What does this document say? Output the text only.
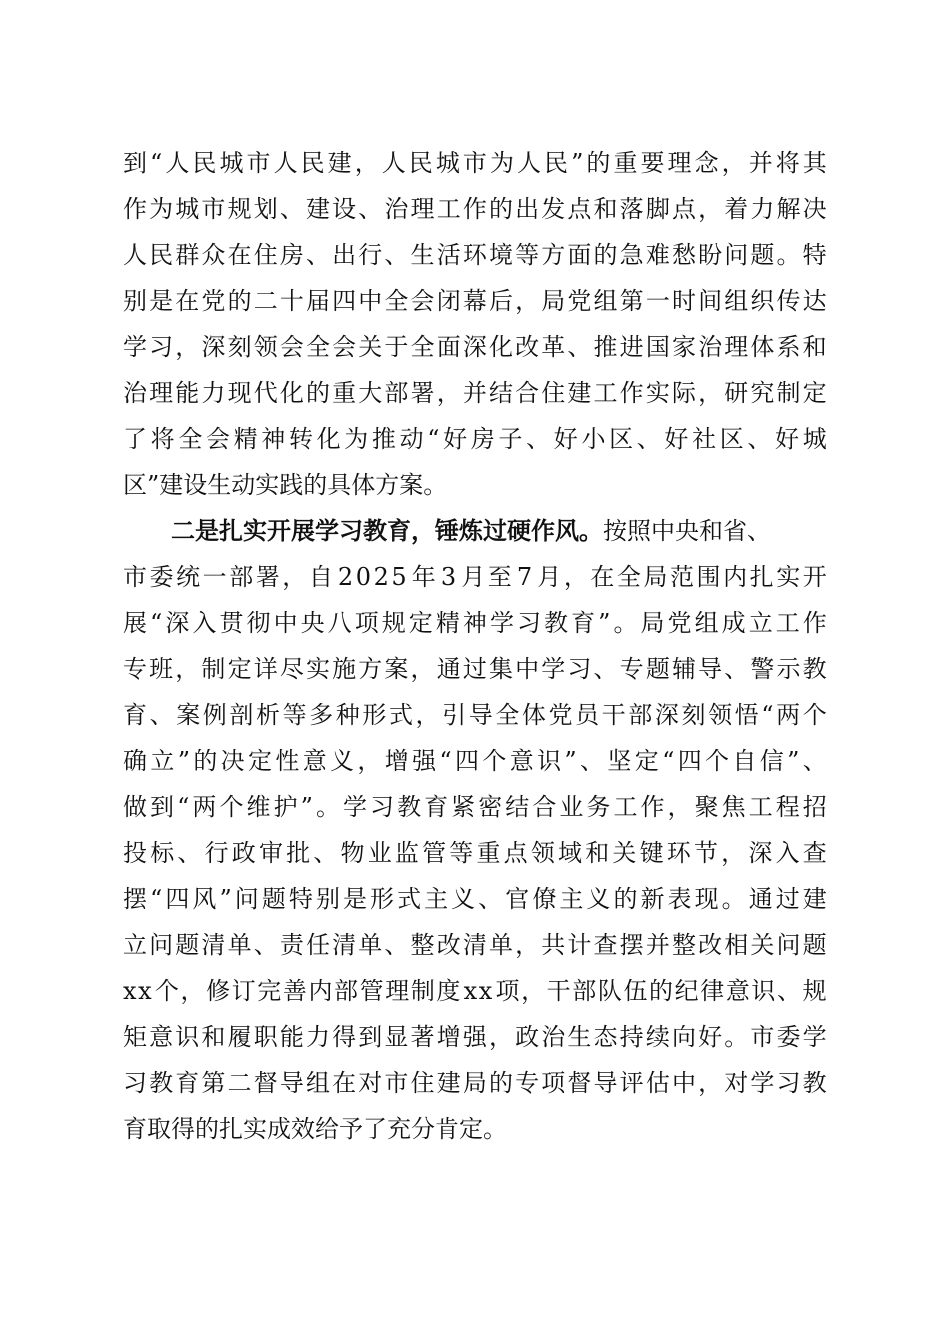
到 “ 人 民 城 市 人 民 建 ， 人 民 城 市 为 人 民 ” 的 重 要 理 念 ， 并 将 其
作 为 城 市 规 划 、 建 设 、 治 理 工 作 的 出 发 点 和 落 脚 点 ， 着 力 解 决
人 民 群 众 在 住 房 、 出 行 、 生 活 环 境 等 方 面 的 急 难 愁 盼 问 题 。 特
别 是 在 党 的 二 十 届 四 中 全 会 闭 幕 后 ， 局 党 组 第 一 时 间 组 织 传 达
学 习 ， 深 刻 领 会 全 会 关 于 全 面 深 化 改 革 、 推 进 国 家 治 理 体 系 和
治 理 能 力 现 代 化 的 重 大 部 署 ， 并 结 合 住 建 工 作 实 际 ， 研 究 制 定
了 将 全 会 精 神 转 化 为 推 动 “ 好 房 子 、 好 小 区 、 好 社 区 、 好 城
区”建设生动实践的具体方案。
二是扎实开展学习教育，锤炼过硬作风。 按照中央和省、
市 委 统 一 部 署 ， 自 2 0 2 5 年 3 月 至 7 月 ， 在 全 局 范 围 内 扎 实 开
展 “ 深 入 贯 彻 中 央 八 项 规 定 精 神 学 习 教 育 ” 。 局 党 组 成 立 工 作
专 班 ， 制 定 详 尽 实 施 方 案 ， 通 过 集 中 学 习 、 专 题 辅 导 、 警 示 教
育 、 案 例 剖 析 等 多 种 形 式 ， 引 导 全 体 党 员 干 部 深 刻 领 悟 “ 两 个
确 立 ” 的 决 定 性 意 义 ， 增 强 “ 四 个 意 识 ” 、 坚 定 “ 四 个 自 信 ” 、
做 到 “ 两 个 维 护 ” 。 学 习 教 育 紧 密 结 合 业 务 工 作 ， 聚 焦 工 程 招
投 标 、 行 政 审 批 、 物 业 监 管 等 重 点 领 域 和 关 键 环 节 ， 深 入 查
摆 “ 四 风 ” 问 题 特 别 是 形 式 主 义 、 官 僚 主 义 的 新 表 现 。 通 过 建
立 问 题 清 单 、 责 任 清 单 、 整 改 清 单 ， 共 计 查 摆 并 整 改 相 关 问 题
x x 个 ， 修 订 完 善 内 部 管 理 制 度 x x 项 ， 干 部 队 伍 的 纪 律 意 识 、 规
矩 意 识 和 履 职 能 力 得 到 显 著 增 强 ， 政 治 生 态 持 续 向 好 。 市 委 学
习 教 育 第 二 督 导 组 在 对 市 住 建 局 的 专 项 督 导 评 估 中 ， 对 学 习 教
育取得的扎实成效给予了充分肯定。
